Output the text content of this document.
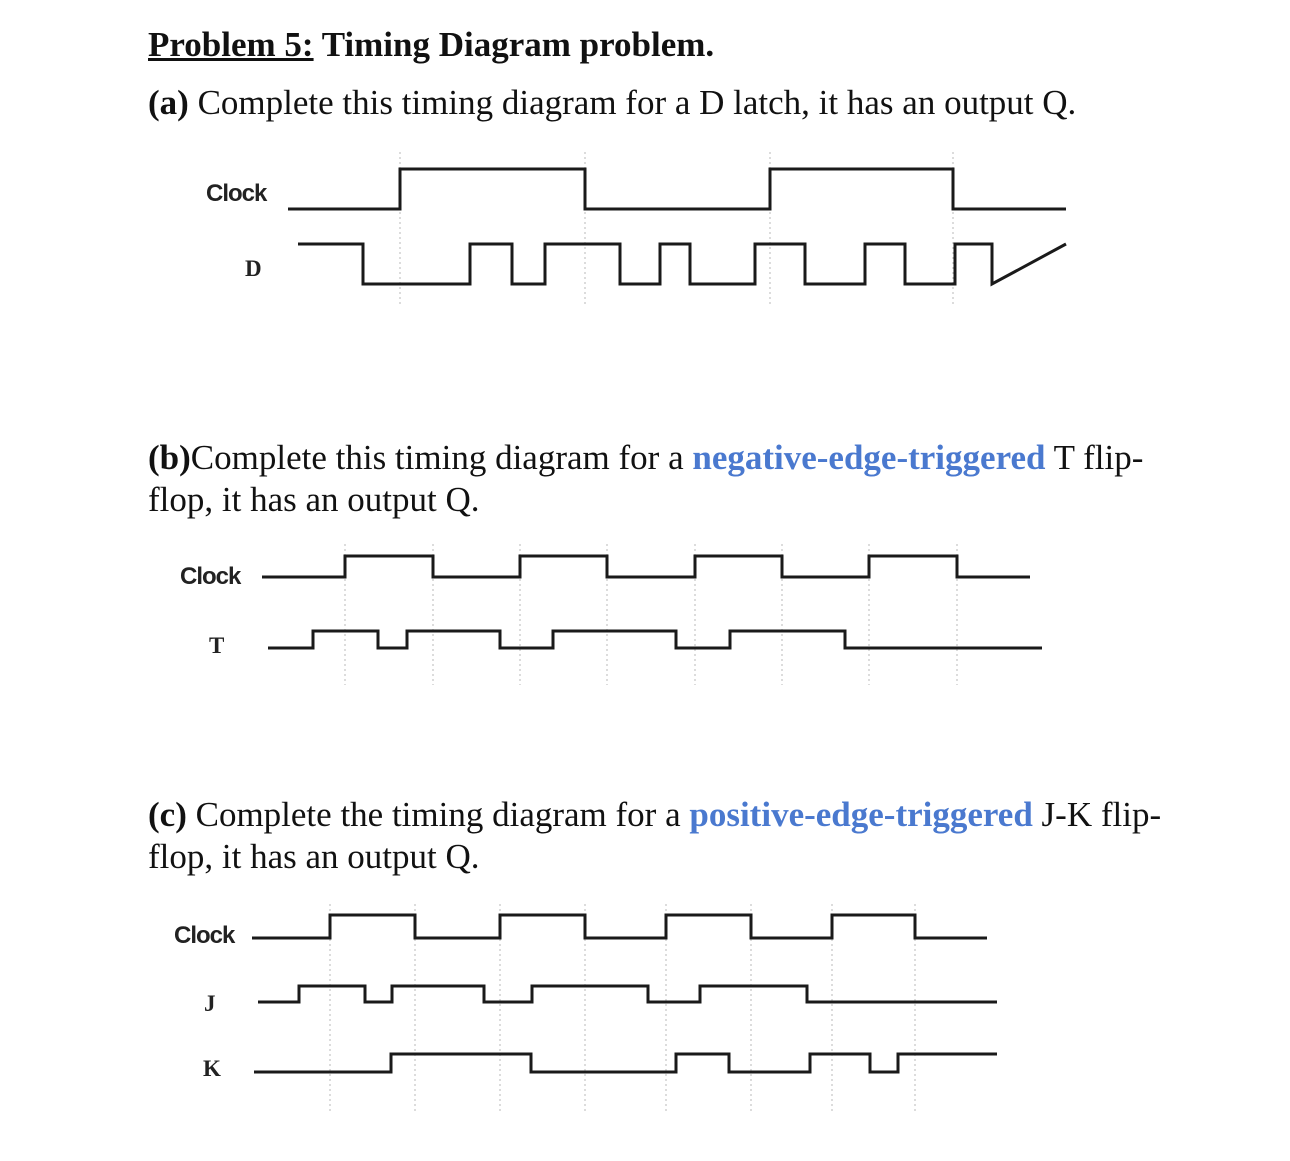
Problem 5: Timing Diagram problem.
(a) Complete this timing diagram for a D latch, it has an output Q.
Clock
D
(b)Complete this timing diagram for a negative-edge-triggered T flip-
flop, it has an output Q.
Clock
T
(c) Complete the timing diagram for a positive-edge-triggered J-K flip-
flop, it has an output Q.
Clock
J
K
